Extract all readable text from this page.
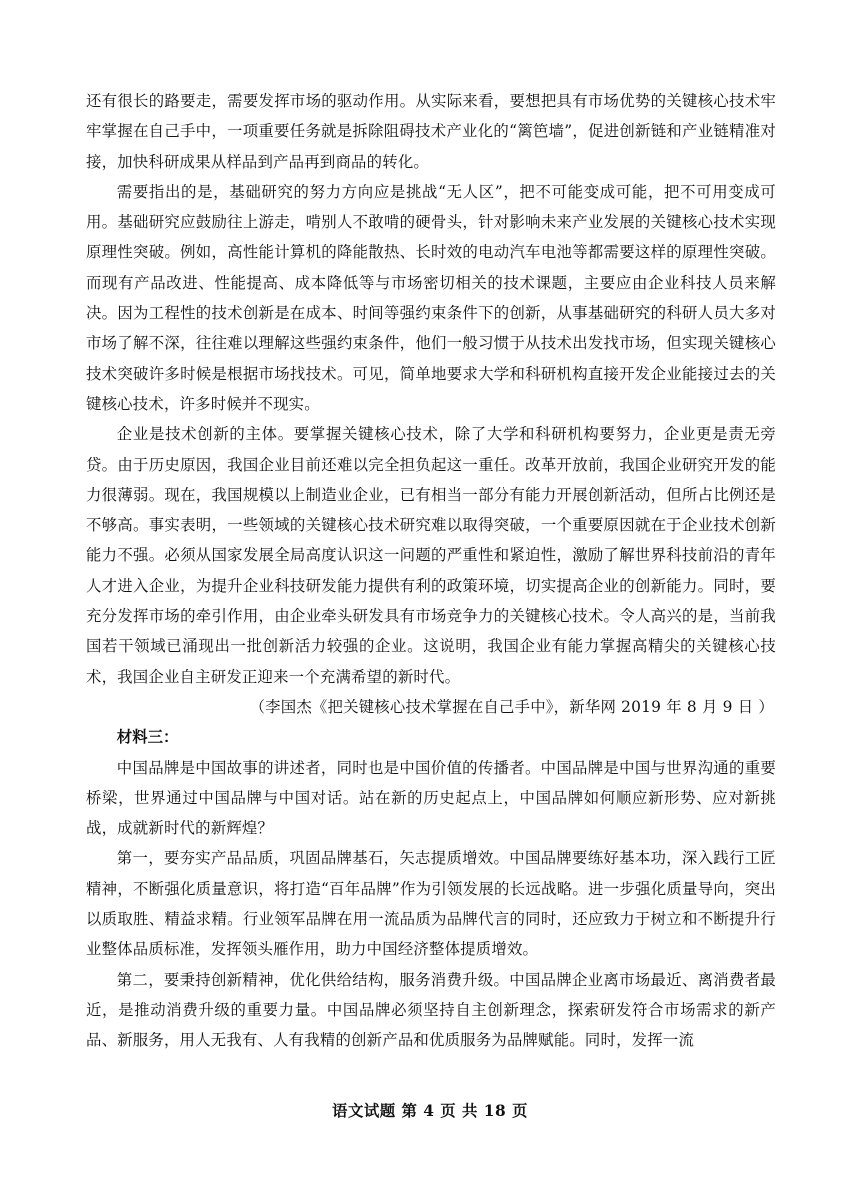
还有很长的路要走，需要发挥市场的驱动作用。从实际来看，要想把具有市场优势的关键核心技术牢牢掌握在自己手中，一项重要任务就是拆除阻碍技术产业化的“篱笆墙”，促进创新链和产业链精准对接，加快科研成果从样品到产品再到商品的转化。

需要指出的是，基础研究的努力方向应是挑战“无人区”，把不可能变成可能，把不可用变成可用。基础研究应鼓励往上游走，啃别人不敢啃的硬骨头，针对影响未来产业发展的关键核心技术实现原理性突破。例如，高性能计算机的降能散热、长时效的电动汽车电池等都需要这样的原理性突破。而现有产品改进、性能提高、成本降低等与市场密切相关的技术课题，主要应由企业科技人员来解决。因为工程性的技术创新是在成本、时间等强约束条件下的创新，从事基础研究的科研人员大多对市场了解不深，往往难以理解这些强约束条件，他们一般习惯于从技术出发找市场，但实现关键核心技术突破许多时候是根据市场找技术。可见，简单地要求大学和科研机构直接开发企业能接过去的关键核心技术，许多时候并不现实。

企业是技术创新的主体。要掌握关键核心技术，除了大学和科研机构要努力，企业更是责无旁贷。由于历史原因，我国企业目前还难以完全担负起这一重任。改革开放前，我国企业研究开发的能力很薄弱。现在，我国规模以上制造业企业，已有相当一部分有能力开展创新活动，但所占比例还是不够高。事实表明，一些领域的关键核心技术研究难以取得突破，一个重要原因就在于企业技术创新能力不强。必须从国家发展全局高度认识这一问题的严重性和紧迫性，激励了解世界科技前沿的青年人才进入企业，为提升企业科技研发能力提供有利的政策环境，切实提高企业的创新能力。同时，要充分发挥市场的牵引作用，由企业牵头研发具有市场竞争力的关键核心技术。令人高兴的是，当前我国若干领域已涌现出一批创新活力较强的企业。这说明，我国企业有能力掌握高精尖的关键核心技术，我国企业自主研发正迎来一个充满希望的新时代。

（李国杰《把关键核心技术掌握在自己手中》，新华网 2019 年 8 月 9 日 ）

材料三：

中国品牌是中国故事的讲述者，同时也是中国价值的传播者。中国品牌是中国与世界沟通的重要桥梁，世界通过中国品牌与中国对话。站在新的历史起点上，中国品牌如何顺应新形势、应对新挑战，成就新时代的新辉煌？

第一，要夯实产品品质，巩固品牌基石，矢志提质增效。中国品牌要练好基本功，深入践行工匠精神，不断强化质量意识，将打造“百年品牌”作为引领发展的长远战略。进一步强化质量导向，突出以质取胜、精益求精。行业领军品牌在用一流品质为品牌代言的同时，还应致力于树立和不断提升行业整体品质标准，发挥领头雁作用，助力中国经济整体提质增效。

第二，要秉持创新精神，优化供给结构，服务消费升级。中国品牌企业离市场最近、离消费者最近，是推动消费升级的重要力量。中国品牌必须坚持自主创新理念，探索研发符合市场需求的新产品、新服务，用人无我有、人有我精的创新产品和优质服务为品牌赋能。同时，发挥一流

语文试题 第 4 页 共 18 页
